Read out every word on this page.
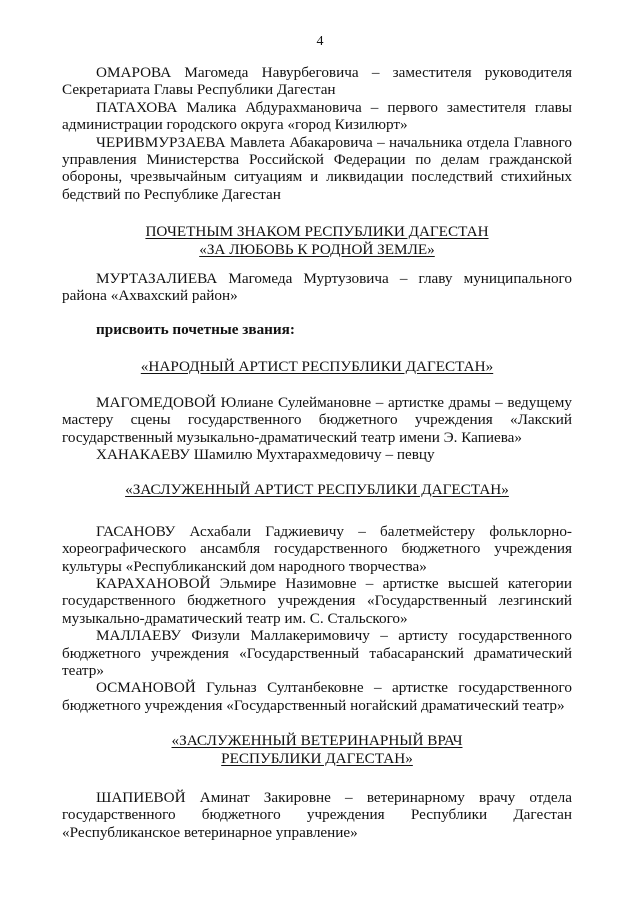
4

ОМАРОВА Магомеда Навурбеговича – заместителя руководителя Секретариата Главы Республики Дагестан

ПАТАХОВА Малика Абдурахмановича – первого заместителя главы администрации городского округа «город Кизилюрт»

ЧЕРИВМУРЗАЕВА Мавлета Абакаровича – начальника отдела Главного управления Министерства Российской Федерации по делам гражданской обороны, чрезвычайным ситуациям и ликвидации последствий стихийных бедствий по Республике Дагестан

ПОЧЕТНЫМ ЗНАКОМ РЕСПУБЛИКИ ДАГЕСТАН
«ЗА ЛЮБОВЬ К РОДНОЙ ЗЕМЛЕ»

МУРТАЗАЛИЕВА Магомеда Муртузовича – главу муниципального района «Ахвахский район»

присвоить почетные звания:

«НАРОДНЫЙ АРТИСТ РЕСПУБЛИКИ ДАГЕСТАН»

МАГОМЕДОВОЙ Юлиане Сулеймановне – артистке драмы – ведущему мастеру сцены государственного бюджетного учреждения «Лакский государственный музыкально-драматический театр имени Э. Капиева»

ХАНАКАЕВУ Шамилю Мухтарахмедовичу – певцу

«ЗАСЛУЖЕННЫЙ АРТИСТ РЕСПУБЛИКИ ДАГЕСТАН»

ГАСАНОВУ Асхабали Гаджиевичу – балетмейстеру фольклорно-хореографического ансамбля государственного бюджетного учреждения культуры «Республиканский дом народного творчества»

КАРАХАНОВОЙ Эльмире Назимовне – артистке высшей категории государственного бюджетного учреждения «Государственный лезгинский музыкально-драматический театр им. С. Стальского»

МАЛЛАЕВУ Физули Маллакеримовичу – артисту государственного бюджетного учреждения «Государственный табасаранский драматический театр»

ОСМАНОВОЙ Гульназ Султанбековне – артистке государственного бюджетного учреждения «Государственный ногайский драматический театр»

«ЗАСЛУЖЕННЫЙ ВЕТЕРИНАРНЫЙ ВРАЧ
РЕСПУБЛИКИ ДАГЕСТАН»

ШАПИЕВОЙ Аминат Закировне – ветеринарному врачу отдела государственного бюджетного учреждения Республики Дагестан «Республиканское ветеринарное управление»
